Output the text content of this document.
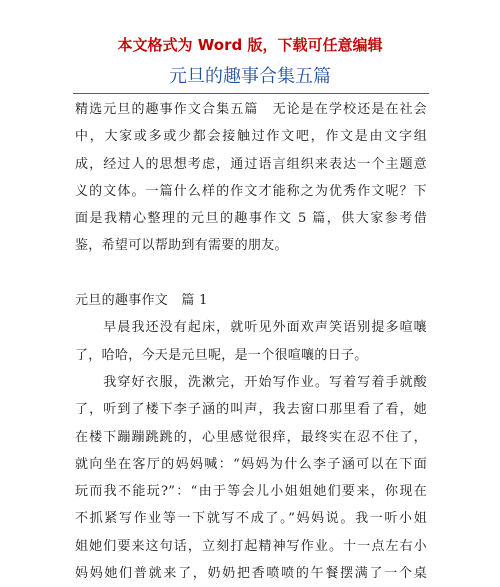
本文格式为 Word 版，下载可任意编辑
元旦的趣事合集五篇
精选元旦的趣事作文合集五篇　无论是在学校还是在社会
中，大家或多或少都会接触过作文吧，作文是由文字组
成，经过人的思想考虑，通过语言组织来表达一个主题意
义的文体。一篇什么样的作文才能称之为优秀作文呢？下
面是我精心整理的元旦的趣事作文 5 篇，供大家参考借
鉴，希望可以帮助到有需要的朋友。
元旦的趣事作文　篇 1
　　早晨我还没有起床，就听见外面欢声笑语别提多喧嚷
了，哈哈，今天是元旦呢，是一个很喧嚷的日子。
　　我穿好衣服，洗漱完，开始写作业。写着写着手就酸
了，听到了楼下李子涵的叫声，我去窗口那里看了看，她
在楼下蹦蹦跳跳的，心里感觉很痒，最终实在忍不住了，
就向坐在客厅的妈妈喊：“妈妈为什么李子涵可以在下面
玩而我不能玩?”：“由于等会儿小姐姐她们要来，你现在
不抓紧写作业等一下就写不成了。”妈妈说。我一听小姐
姐她们要来这句话，立刻打起精神写作业。十一点左右小
妈妈她们普就来了，奶奶把香喷喷的午餐摆满了一个桌
